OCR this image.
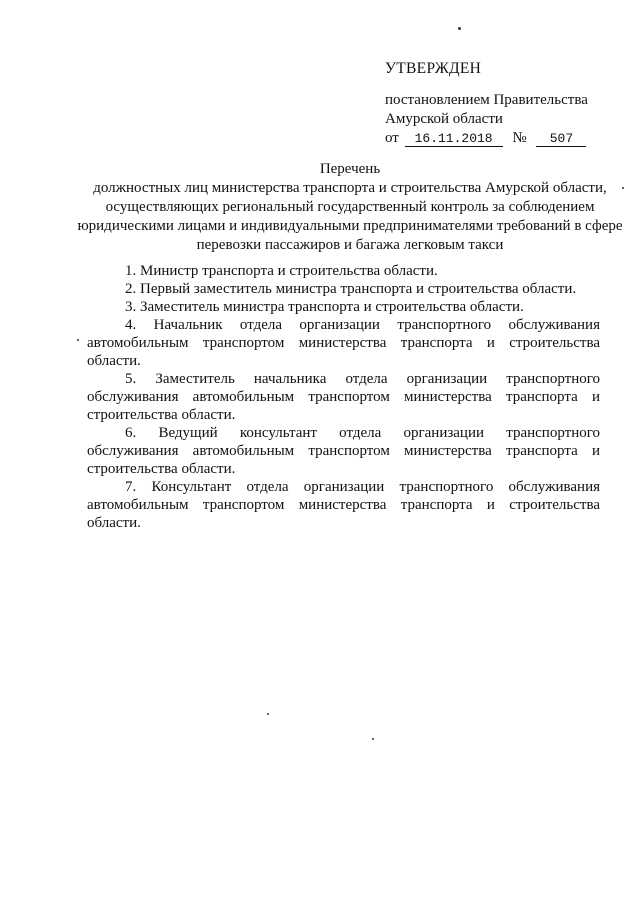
УТВЕРЖДЕН
постановлением Правительства
Амурской области
от 16.11.2018 № 507
Перечень
должностных лиц министерства транспорта и строительства Амурской области, осуществляющих региональный государственный контроль за соблюдением юридическими лицами и индивидуальными предпринимателями требований в сфере перевозки пассажиров и багажа легковым такси

1. Министр транспорта и строительства области.

2. Первый заместитель министра транспорта и строительства области.

3. Заместитель министра транспорта и строительства области.

4. Начальник отдела организации транспортного обслуживания автомобильным транспортом министерства транспорта и строительства области.

5. Заместитель начальника отдела организации транспортного обслуживания автомобильным транспортом министерства транспорта и строительства области.

6. Ведущий консультант отдела организации транспортного обслуживания автомобильным транспортом министерства транспорта и строительства области.

7. Консультант отдела организации транспортного обслуживания автомобильным транспортом министерства транспорта и строительства области.
